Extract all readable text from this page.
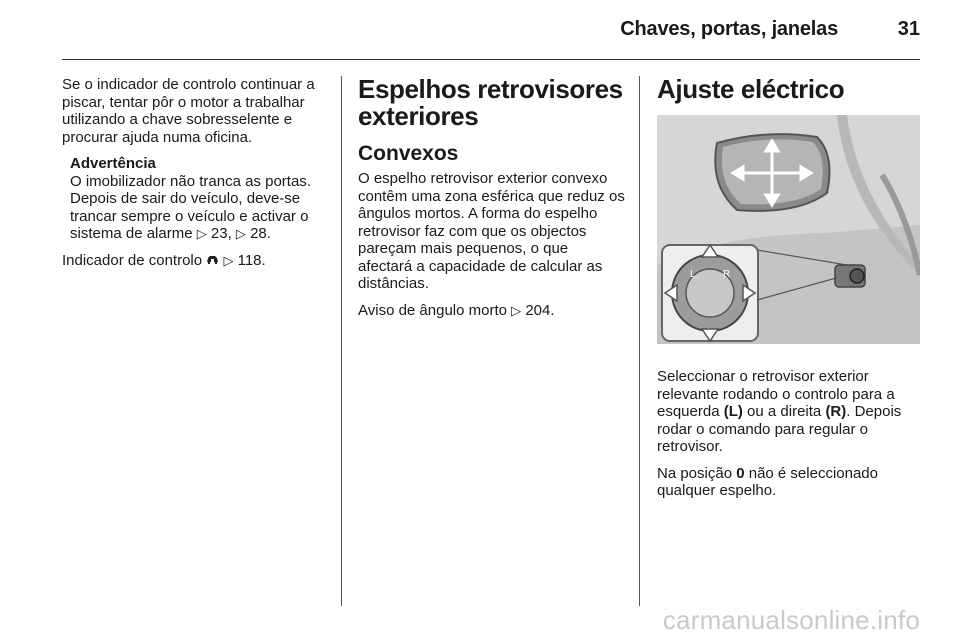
Chaves, portas, janelas	31

Se o indicador de controlo continuar a piscar, tentar pôr o motor a trabalhar utilizando a chave sobresselente e procurar ajuda numa oficina.

Advertência
O imobilizador não tranca as portas. Depois de sair do veículo, deve-se trancar sempre o veículo e activar o sistema de alarme ▷ 23, ▷ 28.

Indicador de controlo  ▷ 118.

Espelhos retrovisores exteriores
Convexos

O espelho retrovisor exterior convexo contêm uma zona esférica que reduz os ângulos mortos. A forma do espelho retrovisor faz com que os objectos pareçam mais pequenos, o que afectará a capacidade de calcular as distâncias.

Aviso de ângulo morto ▷ 204.

Ajuste eléctrico
L	R

Seleccionar o retrovisor exterior relevante rodando o controlo para a esquerda (L) ou a direita (R). Depois rodar o comando para regular o retrovisor.

Na posição 0 não é seleccionado qualquer espelho.

carmanualsonline.info
